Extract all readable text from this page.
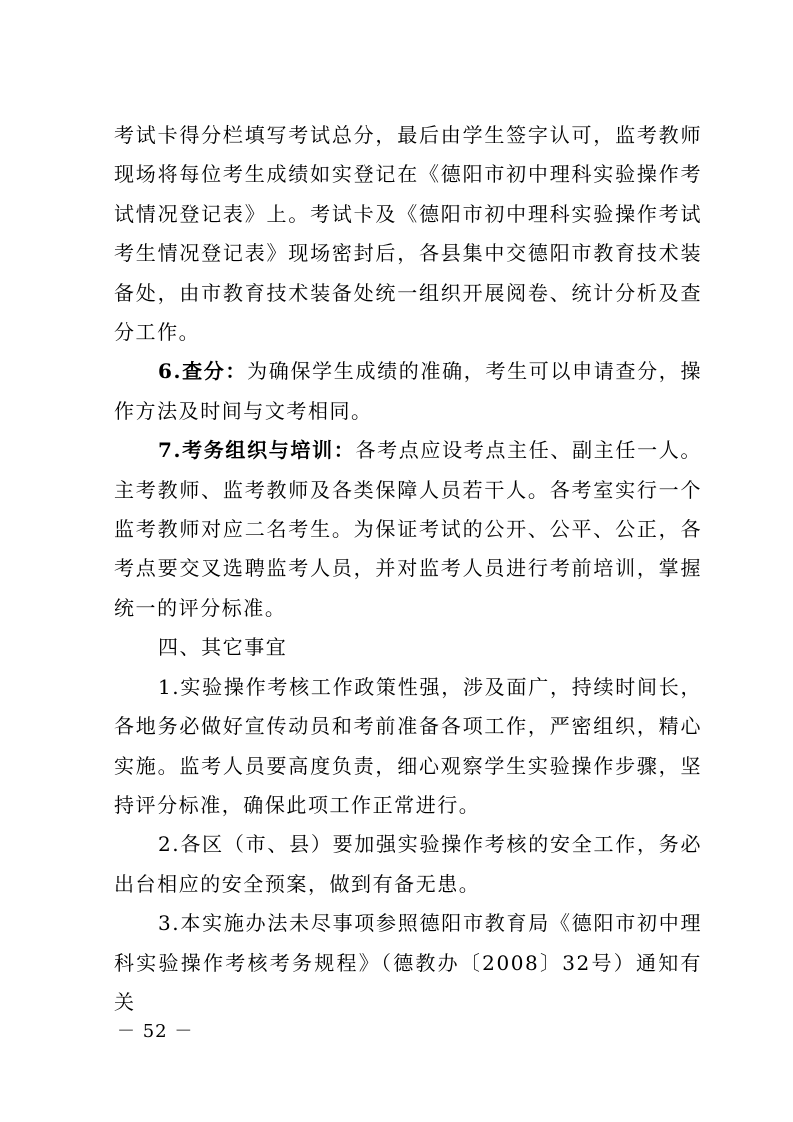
考试卡得分栏填写考试总分，最后由学生签字认可，监考教师现场将每位考生成绩如实登记在《德阳市初中理科实验操作考试情况登记表》上。考试卡及《德阳市初中理科实验操作考试考生情况登记表》现场密封后，各县集中交德阳市教育技术装备处，由市教育技术装备处统一组织开展阅卷、统计分析及查分工作。

6.查分：为确保学生成绩的准确，考生可以申请查分，操作方法及时间与文考相同。

7.考务组织与培训：各考点应设考点主任、副主任一人。主考教师、监考教师及各类保障人员若干人。各考室实行一个监考教师对应二名考生。为保证考试的公开、公平、公正，各考点要交叉选聘监考人员，并对监考人员进行考前培训，掌握统一的评分标准。

四、其它事宜

1.实验操作考核工作政策性强，涉及面广，持续时间长，各地务必做好宣传动员和考前准备各项工作，严密组织，精心实施。监考人员要高度负责，细心观察学生实验操作步骤，坚持评分标准，确保此项工作正常进行。

2.各区（市、县）要加强实验操作考核的安全工作，务必出台相应的安全预案，做到有备无患。

3.本实施办法未尽事项参照德阳市教育局《德阳市初中理科实验操作考核考务规程》（德教办〔2008〕32号）通知有关

－ 52 －
